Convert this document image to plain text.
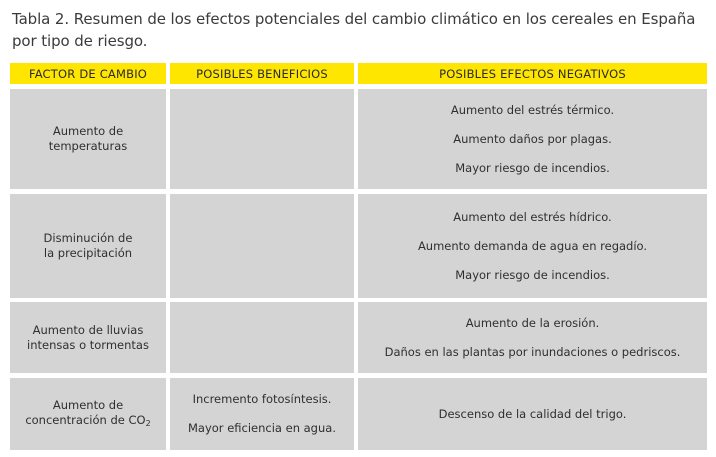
Tabla 2. Resumen de los efectos potenciales del cambio climático en los cereales en España por tipo de riesgo.
FACTOR DE CAMBIO	POSIBLES BENEFICIOS	POSIBLES EFECTOS NEGATIVOS
Aumento de
temperaturas
Aumento del estrés térmico.
Aumento daños por plagas.
Mayor riesgo de incendios.
Disminución de
la precipitación
Aumento del estrés hídrico.
Aumento demanda de agua en regadío.
Mayor riesgo de incendios.
Aumento de lluvias
intensas o tormentas
Aumento de la erosión.
Daños en las plantas por inundaciones o pedriscos.
Aumento de
concentración de $CO_2$
Incremento fotosíntesis.
Mayor eficiencia en agua.
Descenso de la calidad del trigo.
